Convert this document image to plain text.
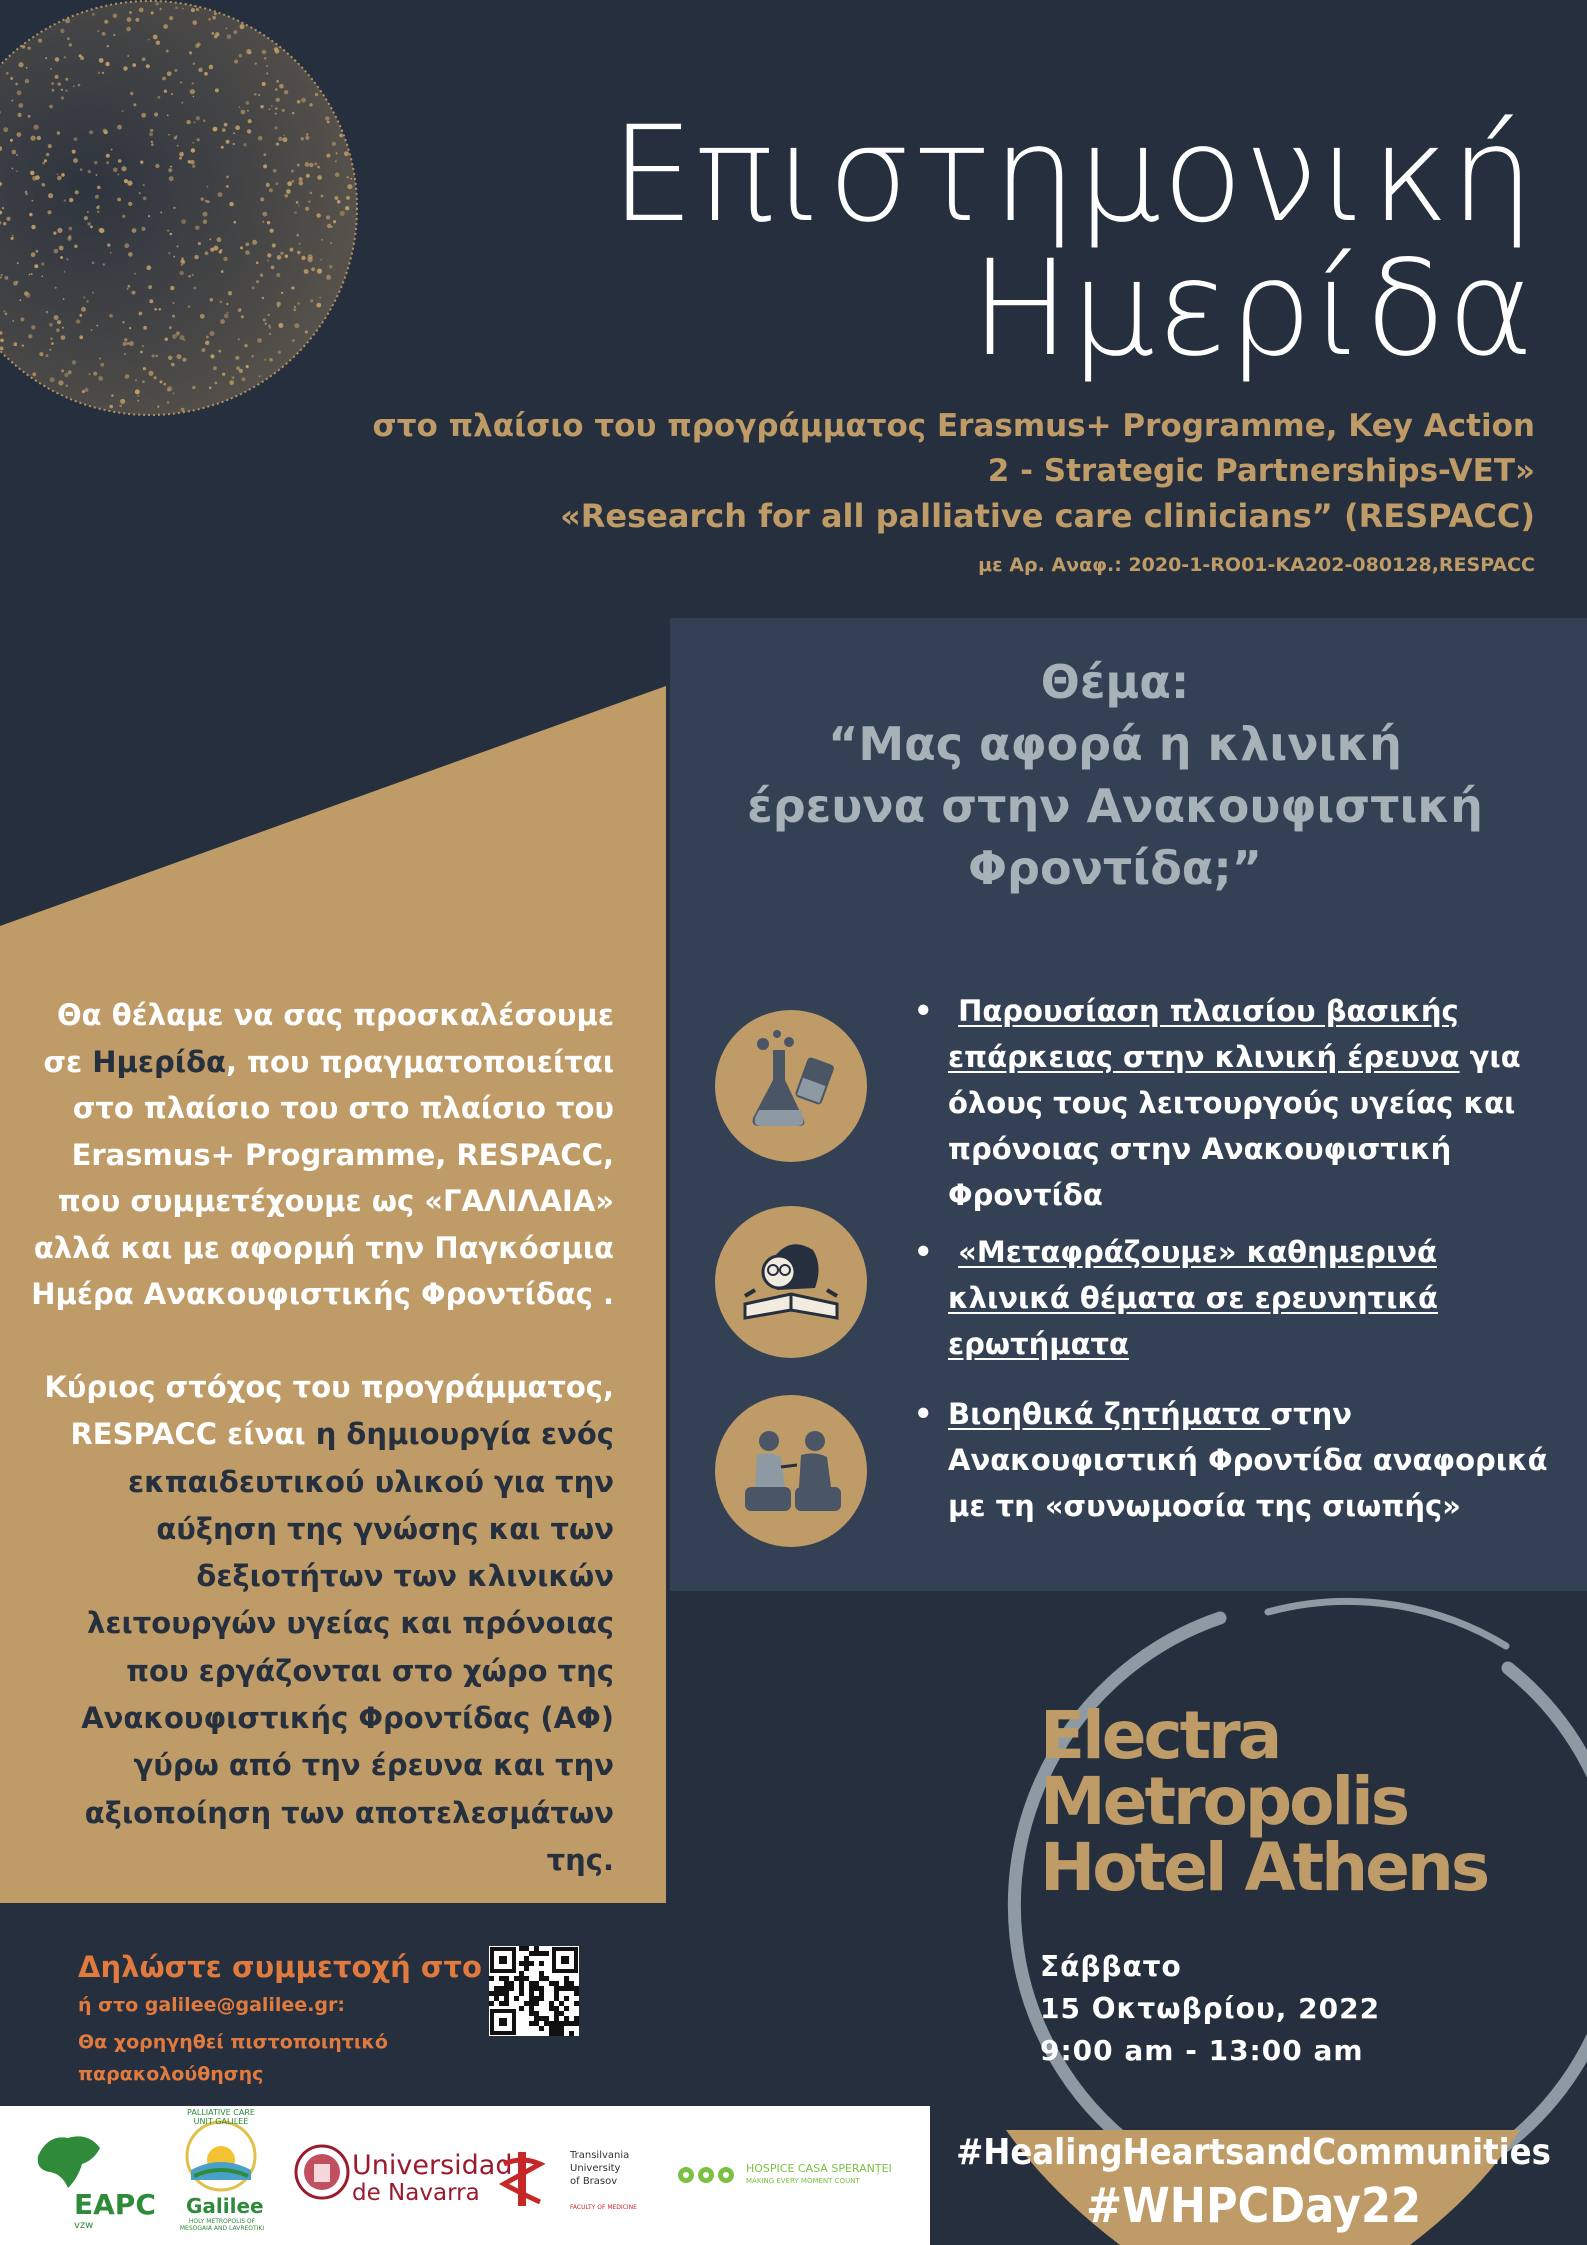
Επιστημονική
Ημερίδα
στο πλαίσιο του προγράμματος Erasmus+ Programme, Key Action
2 - Strategic Partnerships-VET»
«Research for all palliative care clinicians” (RESPACC)
με Αρ. Αναφ.: 2020-1-RO01-KA202-080128,RESPACC
Θέμα:
“Μας αφορά η κλινική
έρευνα στην Ανακουφιστική
Φροντίδα;”
• Παρουσίαση πλαισίου βασικής επάρκειας στην κλινική έρευνα για όλους τους λειτουργούς υγείας και πρόνοιας στην Ανακουφιστική Φροντίδα
• «Μεταφράζουμε» καθημερινά κλινικά θέματα σε ερευνητικά ερωτήματα
• Βιοηθικά ζητήματα στην Ανακουφιστική Φροντίδα αναφορικά με τη «συνωμοσία της σιωπής»
Θα θέλαμε να σας προσκαλέσουμε σε Ημερίδα, που πραγματοποιείται στο πλαίσιο του στο πλαίσιο του Erasmus+ Programme, RESPACC, που συμμετέχουμε ως «ΓΑΛΙΛΑΙΑ» αλλά και με αφορμή την Παγκόσμια Ημέρα Ανακουφιστικής Φροντίδας .
Κύριος στόχος του προγράμματος, RESPACC είναι η δημιουργία ενός εκπαιδευτικού υλικού για την αύξηση της γνώσης και των δεξιοτήτων των κλινικών λειτουργών υγείας και πρόνοιας που εργάζονται στο χώρο της Ανακουφιστικής Φροντίδας (ΑΦ) γύρω από την έρευνα και την αξιοποίηση των αποτελεσμάτων της.
Δηλώστε συμμετοχή στο
ή στο galilee@galilee.gr:
Θα χορηγηθεί πιστοποιητικό παρακολούθησης
EAPC
vzw
PALLIATIVE CARE UNIT GALILEE
Galilee
HOLY METROPOLIS OF MESOGAIA AND LAVREOTIKI
Universidad
de Navarra
Transilvania
University
of Brasov
FACULTY OF MEDICINE
HOSPICE CASA SPERANȚEI
MAKING EVERY MOMENT COUNT
Electra
Metropolis
Hotel Athens
Σάββατο
15 Οκτωβρίου, 2022
9:00 am - 13:00 am
#HealingHeartsandCommunities
#WHPCDay22
